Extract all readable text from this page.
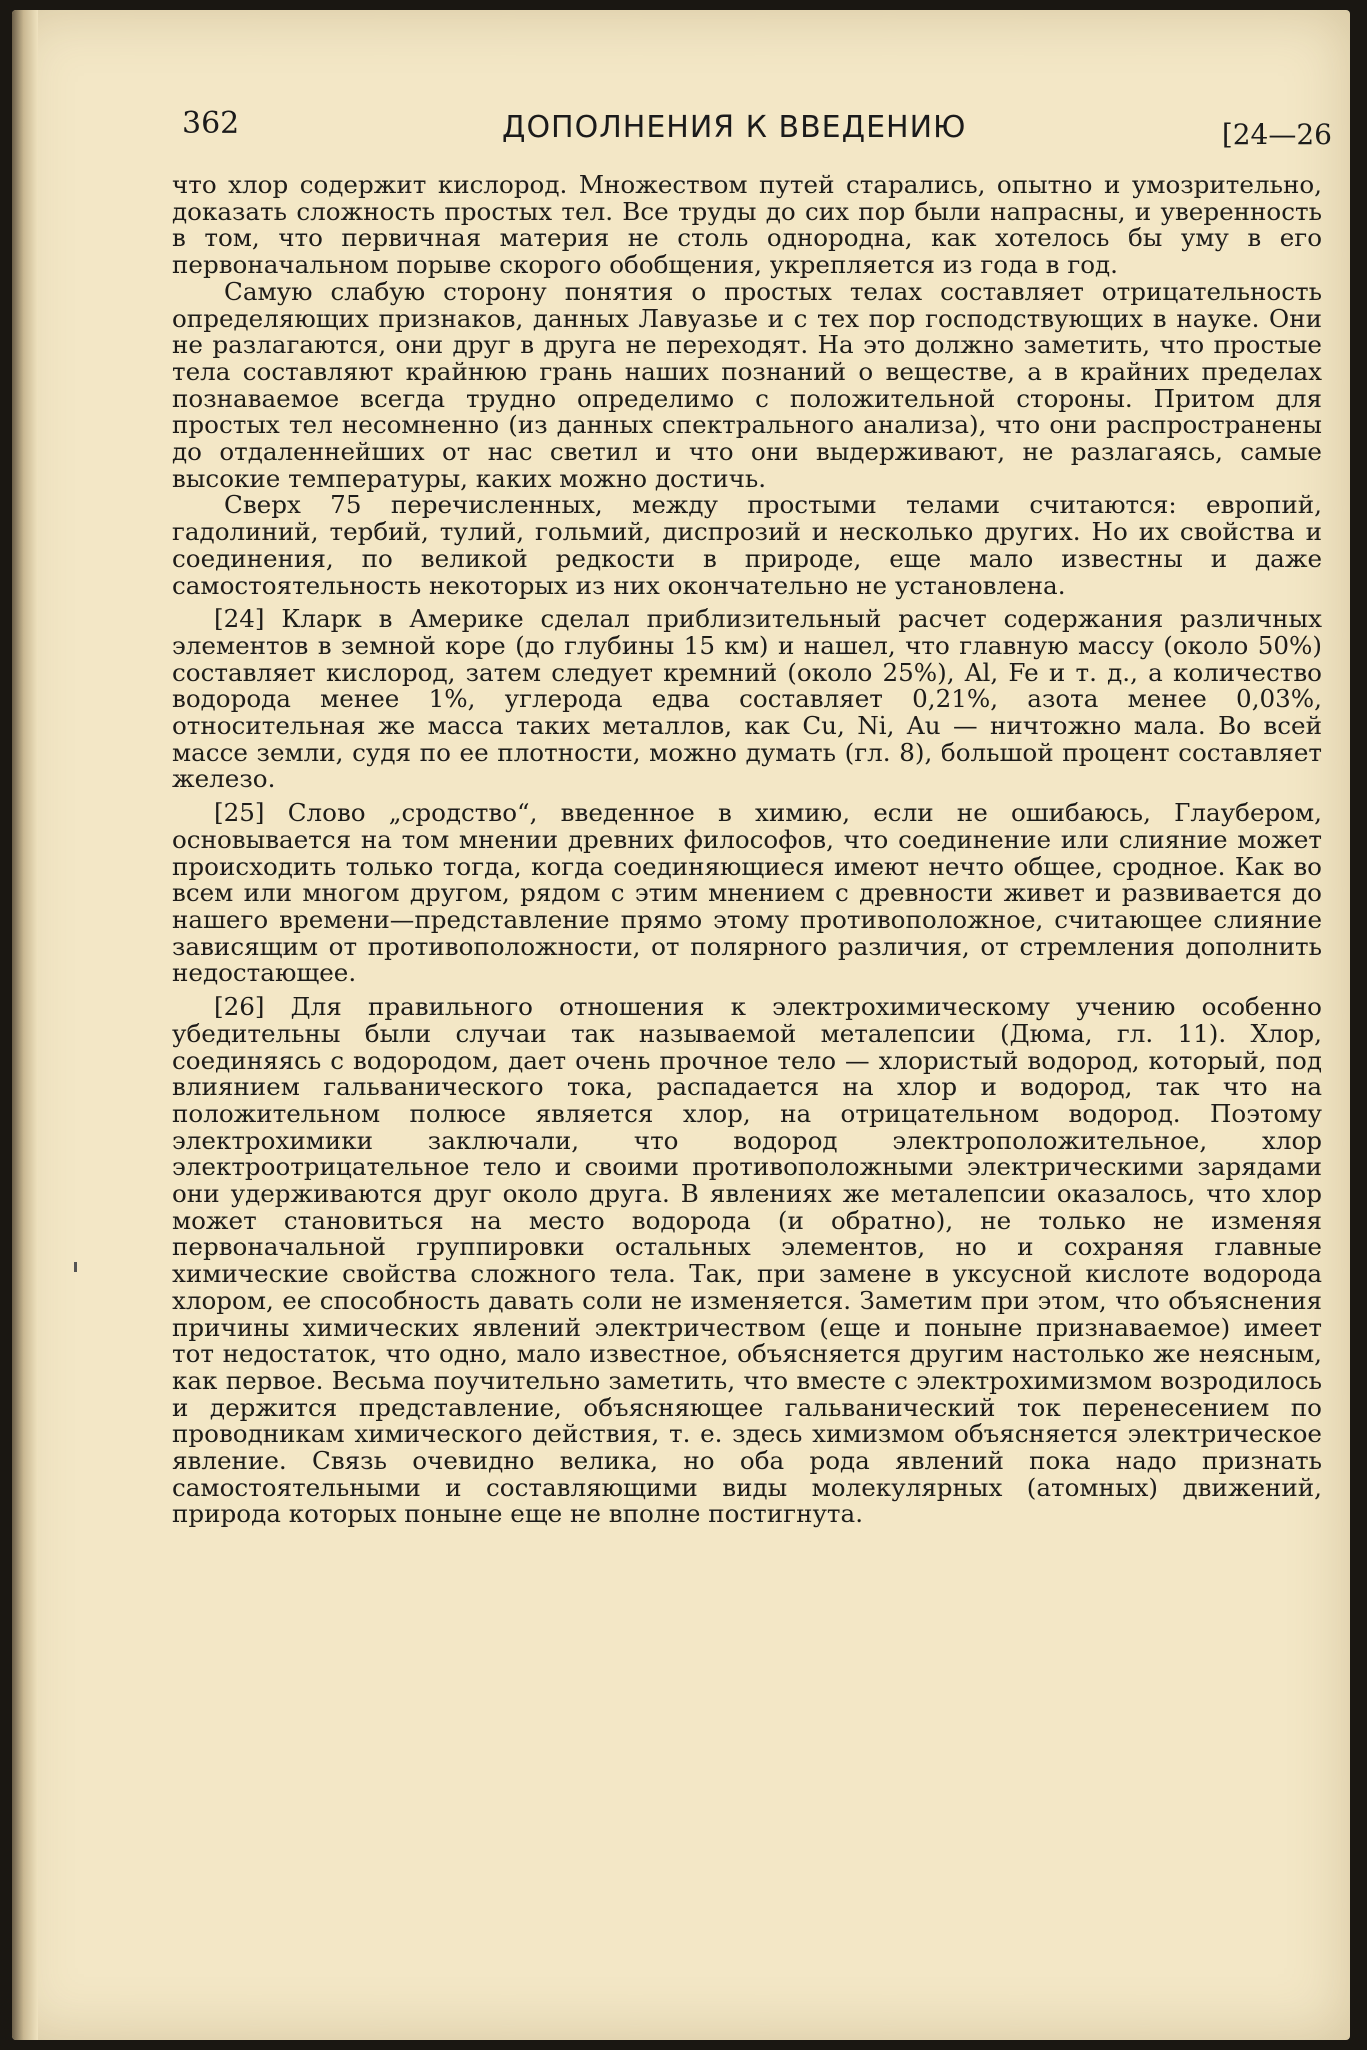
362	ДОПОЛНЕНИЯ К ВВЕДЕНИЮ	[24—26

что хлор содержит кислород. Множеством путей старались, опытно и умозрительно, доказать сложность простых тел. Все труды до сих пор были напрасны, и уверенность в том, что первичная материя не столь однородна, как хотелось бы уму в его первоначальном порыве скорого обобщения, укрепляется из года в год.

Самую слабую сторону понятия о простых телах составляет отрицательность определяющих признаков, данных Лавуазье и с тех пор господствующих в науке. Они не разлагаются, они друг в друга не переходят. На это должно заметить, что простые тела составляют крайнюю грань наших познаний о веществе, а в крайних пределах познаваемое всегда трудно определимо с положительной стороны. Притом для простых тел несомненно (из данных спектрального анализа), что они распространены до отдаленнейших от нас светил и что они выдерживают, не разлагаясь, самые высокие температуры, каких можно достичь.

Сверх 75 перечисленных, между простыми телами считаются: европий, гадолиний, тербий, тулий, гольмий, диспрозий и несколько других. Но их свойства и соединения, по великой редкости в природе, еще мало известны и даже самостоятельность некоторых из них окончательно не установлена.

[24] Кларк в Америке сделал приблизительный расчет содержания различных элементов в земной коре (до глубины 15 км) и нашел, что главную массу (около 50%) составляет кислород, затем следует кремний (около 25%), Al, Fe и т. д., а количество водорода менее 1%, углерода едва составляет 0,21%, азота менее 0,03%, относительная же масса таких металлов, как Cu, Ni, Au — ничтожно мала. Во всей массе земли, судя по ее плотности, можно думать (гл. 8), большой процент составляет железо.

[25] Слово „сродство“, введенное в химию, если не ошибаюсь, Глаубером, основывается на том мнении древних философов, что соединение или слияние может происходить только тогда, когда соединяющиеся имеют нечто общее, сродное. Как во всем или многом другом, рядом с этим мнением с древности живет и развивается до нашего времени—представление прямо этому противоположное, считающее слияние зависящим от противоположности, от полярного различия, от стремления дополнить недостающее.

[26] Для правильного отношения к электрохимическому учению особенно убедительны были случаи так называемой металепсии (Дюма, гл. 11). Хлор, соединяясь с водородом, дает очень прочное тело — хлористый водород, который, под влиянием гальванического тока, распадается на хлор и водород, так что на положительном полюсе является хлор, на отрицательном водород. Поэтому электрохимики заключали, что водород электроположительное, хлор электроотрицательное тело и своими противоположными электрическими зарядами они удерживаются друг около друга. В явлениях же металепсии оказалось, что хлор может становиться на место водорода (и обратно), не только не изменяя первоначальной группировки остальных элементов, но и сохраняя главные химические свойства сложного тела. Так, при замене в уксусной кислоте водорода хлором, ее способность давать соли не изменяется. Заметим при этом, что объяснения причины химических явлений электричеством (еще и поныне признаваемое) имеет тот недостаток, что одно, мало известное, объясняется другим настолько же неясным, как первое. Весьма поучительно заметить, что вместе с электрохимизмом возродилось и держится представление, объясняющее гальванический ток перенесением по проводникам химического действия, т. е. здесь химизмом объясняется электрическое явление. Связь очевидно велика, но оба рода явлений пока надо признать самостоятельными и составляющими виды молекулярных (атомных) движений, природа которых поныне еще не вполне постигнута.
